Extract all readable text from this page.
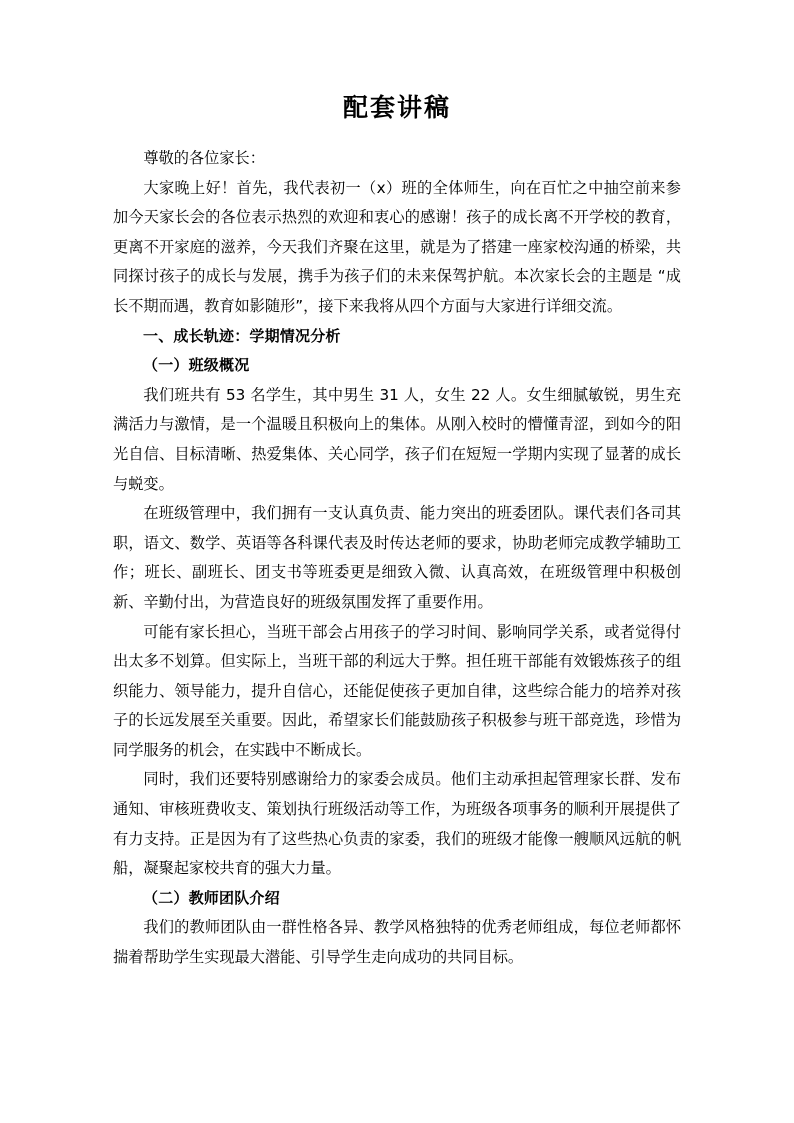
配套讲稿

尊敬的各位家长：

大家晚上好！首先，我代表初一（x）班的全体师生，向在百忙之中抽空前来参加今天家长会的各位表示热烈的欢迎和衷心的感谢！孩子的成长离不开学校的教育，更离不开家庭的滋养，今天我们齐聚在这里，就是为了搭建一座家校沟通的桥梁，共同探讨孩子的成长与发展，携手为孩子们的未来保驾护航。本次家长会的主题是 “成长不期而遇，教育如影随形”，接下来我将从四个方面与大家进行详细交流。

一、成长轨迹：学期情况分析

（一）班级概况

我们班共有 53 名学生，其中男生 31 人，女生 22 人。女生细腻敏锐，男生充满活力与激情，是一个温暖且积极向上的集体。从刚入校时的懵懂青涩，到如今的阳光自信、目标清晰、热爱集体、关心同学，孩子们在短短一学期内实现了显著的成长与蜕变。

在班级管理中，我们拥有一支认真负责、能力突出的班委团队。课代表们各司其职，语文、数学、英语等各科课代表及时传达老师的要求，协助老师完成教学辅助工作；班长、副班长、团支书等班委更是细致入微、认真高效，在班级管理中积极创新、辛勤付出，为营造良好的班级氛围发挥了重要作用。

可能有家长担心，当班干部会占用孩子的学习时间、影响同学关系，或者觉得付出太多不划算。但实际上，当班干部的利远大于弊。担任班干部能有效锻炼孩子的组织能力、领导能力，提升自信心，还能促使孩子更加自律，这些综合能力的培养对孩子的长远发展至关重要。因此，希望家长们能鼓励孩子积极参与班干部竞选，珍惜为同学服务的机会，在实践中不断成长。

同时，我们还要特别感谢给力的家委会成员。他们主动承担起管理家长群、发布通知、审核班费收支、策划执行班级活动等工作，为班级各项事务的顺利开展提供了有力支持。正是因为有了这些热心负责的家委，我们的班级才能像一艘顺风远航的帆船，凝聚起家校共育的强大力量。

（二）教师团队介绍

我们的教师团队由一群性格各异、教学风格独特的优秀老师组成，每位老师都怀揣着帮助学生实现最大潜能、引导学生走向成功的共同目标。
